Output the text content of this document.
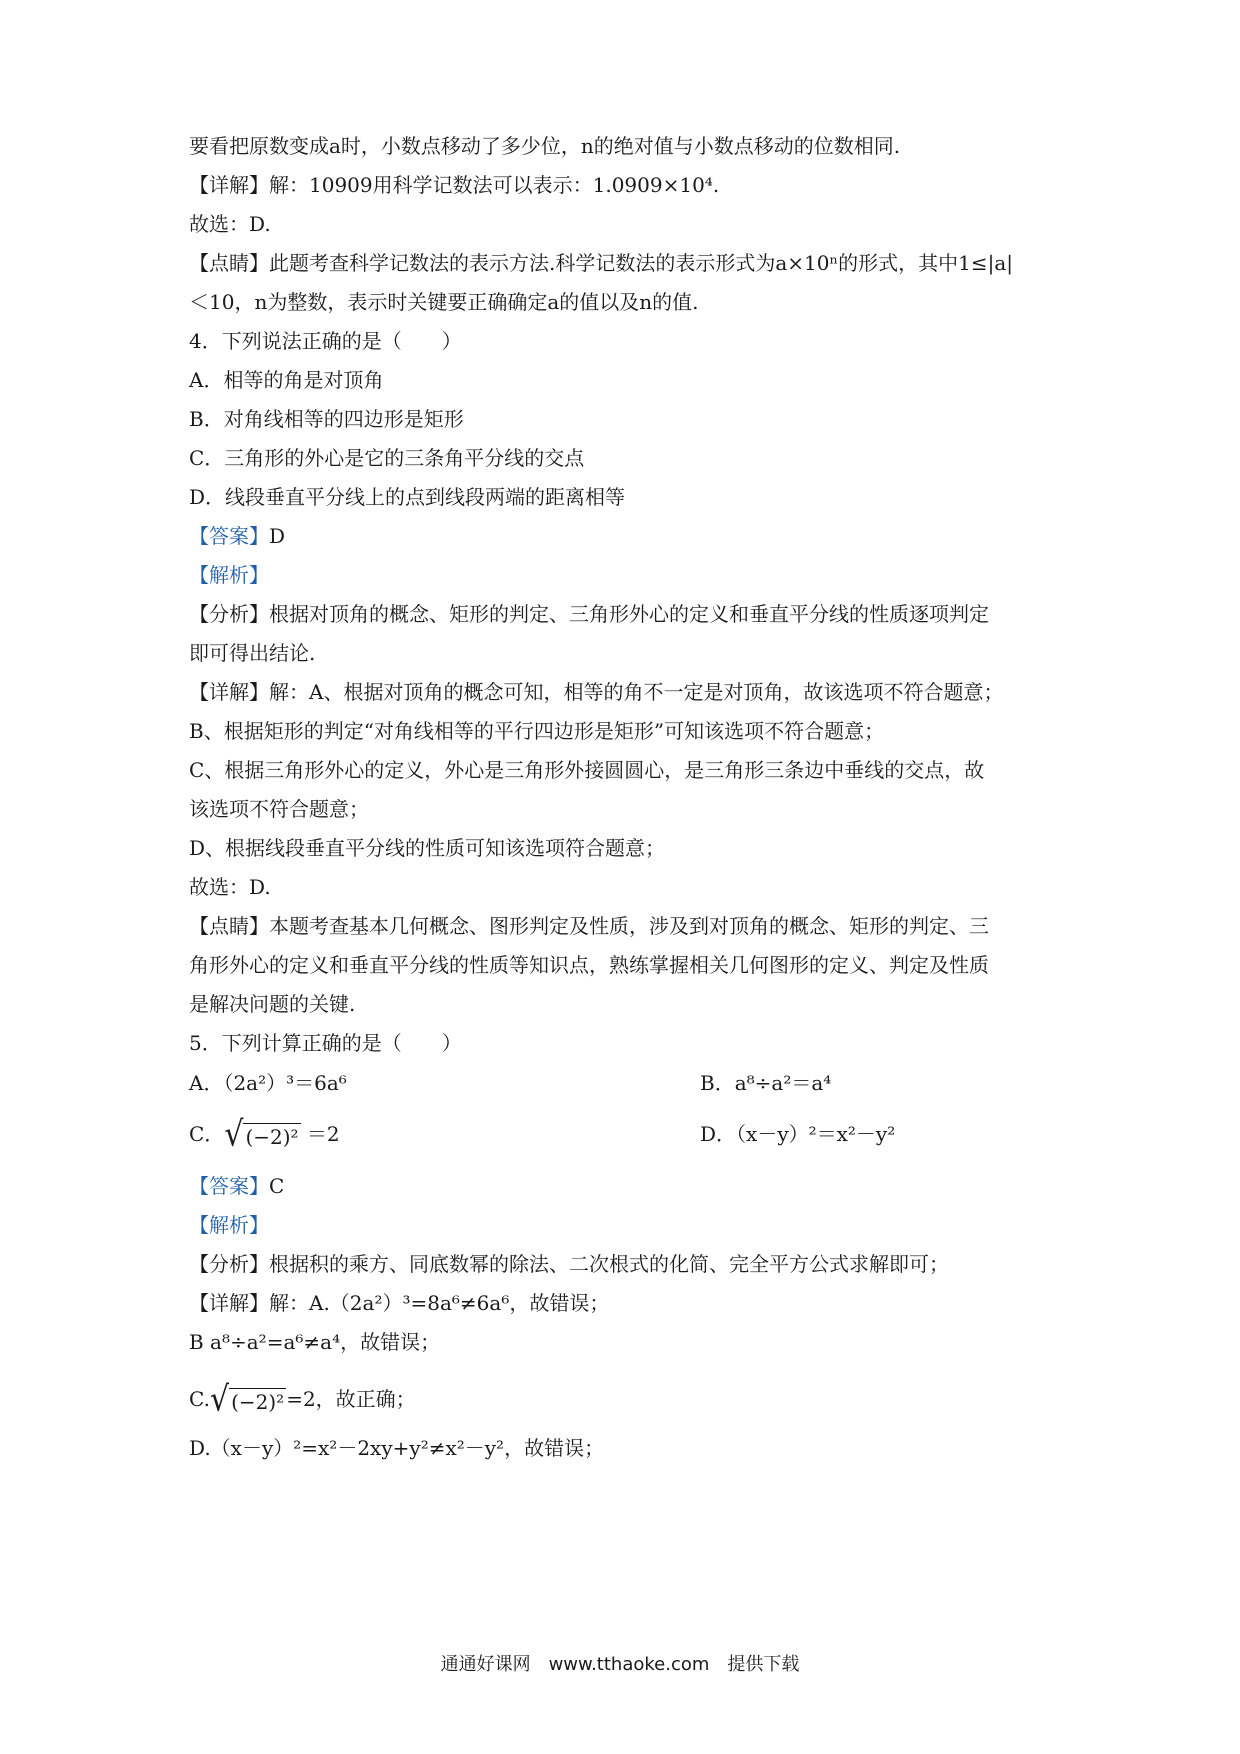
要看把原数变成a时，小数点移动了多少位，n的绝对值与小数点移动的位数相同.

【详解】解：10909用科学记数法可以表示：1.0909×10⁴.

故选：D.

【点睛】此题考查科学记数法的表示方法.科学记数法的表示形式为a×10ⁿ的形式，其中1≤|a|

＜10，n为整数，表示时关键要正确确定a的值以及n的值.

4．下列说法正确的是（　　）

A．相等的角是对顶角

B．对角线相等的四边形是矩形

C．三角形的外心是它的三条角平分线的交点

D．线段垂直平分线上的点到线段两端的距离相等

【答案】D

【解析】

【分析】根据对顶角的概念、矩形的判定、三角形外心的定义和垂直平分线的性质逐项判定

即可得出结论.

【详解】解：A、根据对顶角的概念可知，相等的角不一定是对顶角，故该选项不符合题意；

B、根据矩形的判定“对角线相等的平行四边形是矩形”可知该选项不符合题意；

C、根据三角形外心的定义，外心是三角形外接圆圆心，是三角形三条边中垂线的交点，故

该选项不符合题意；

D、根据线段垂直平分线的性质可知该选项符合题意；

故选：D.

【点睛】本题考查基本几何概念、图形判定及性质，涉及到对顶角的概念、矩形的判定、三

角形外心的定义和垂直平分线的性质等知识点，熟练掌握相关几何图形的定义、判定及性质

是解决问题的关键.

5．下列计算正确的是（　　）

A．（2a²）³＝6a⁶	B．a⁸÷a²＝a⁴

C．√ (−2)² ＝2	D．（x－y）²＝x²－y²

【答案】C

【解析】

【分析】根据积的乘方、同底数幂的除法、二次根式的化简、完全平方公式求解即可；

【详解】解：A.（2a²）³=8a⁶≠6a⁶，故错误；

B a⁸÷a²=a⁶≠a⁴，故错误；

C.√ (−2)² =2，故正确；

D.（x－y）²=x²－2xy+y²≠x²－y²，故错误；

通通好课网　www.tthaoke.com　提供下载
